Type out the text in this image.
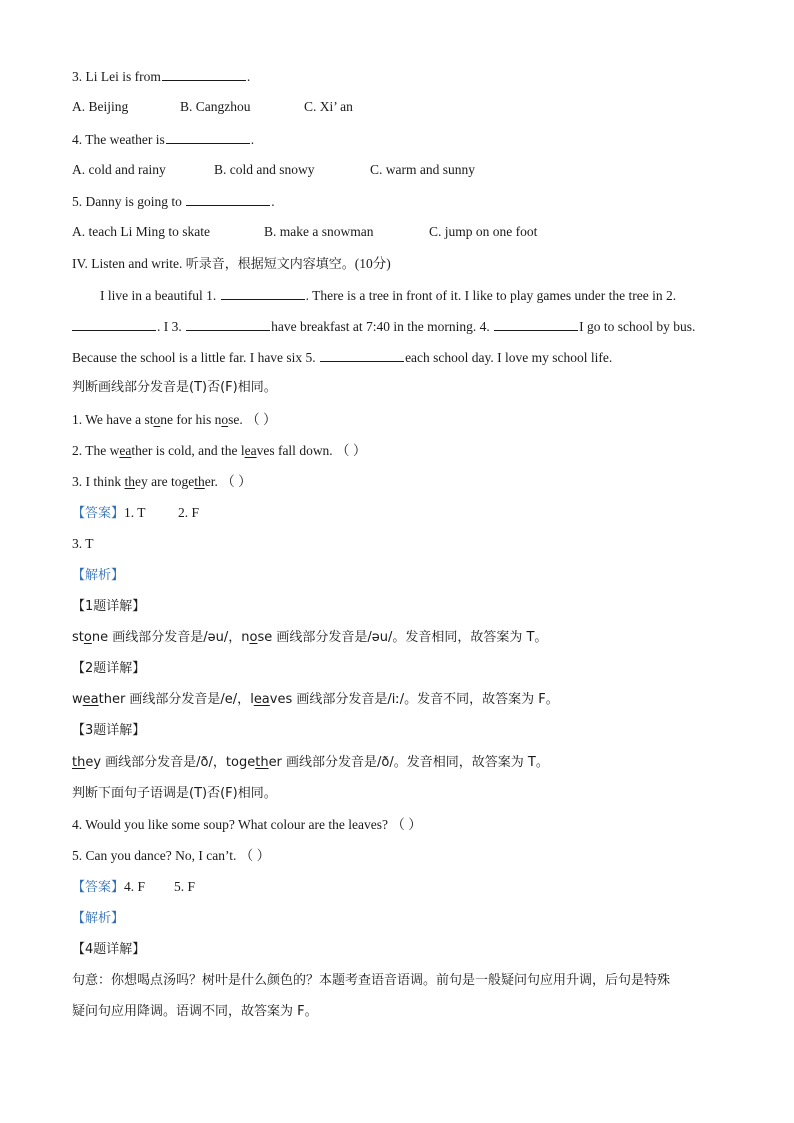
3. Li Lei is from	.
A. Beijing	B. Cangzhou	C. Xi’ an
4. The weather is	.
A. cold and rainy	B. cold and snowy	C. warm and sunny
5. Danny is going to	.
A. teach Li Ming to skate	B. make a snowman	C. jump on one foot
IV. Listen and write. 听录音，根据短文内容填空。(10分)
I live in a beautiful 1.	. There is a tree in front of it. I like to play games under the tree in 2.
. I 3.	have breakfast at 7:40 in the morning. 4.	I go to school by bus.
Because the school is a little far. I have six 5.	each school day. I love my school life.
判断画线部分发音是(T)否(F)相同。
1. We have a stone for his nose. （ ）
2. The weather is cold, and the leaves fall down. （ ）
3. I think they are together. （ ）
【答案】1. T 2. F
3. T
【解析】
【1题详解】
stone 画线部分发音是/əu/，nose 画线部分发音是/əu/。发音相同，故答案为 T。
【2题详解】
weather 画线部分发音是/e/，leaves 画线部分发音是/iː/。发音不同，故答案为 F。
【3题详解】
they 画线部分发音是/ð/，together 画线部分发音是/ð/。发音相同，故答案为 T。
判断下面句子语调是(T)否(F)相同。
4. Would you like some soup? What colour are the leaves? （ ）
5. Can you dance? No, I can’t. （ ）
【答案】4. F 5. F
【解析】
【4题详解】
句意：你想喝点汤吗？树叶是什么颜色的？本题考查语音语调。前句是一般疑问句应用升调，后句是特殊
疑问句应用降调。语调不同，故答案为 F。
